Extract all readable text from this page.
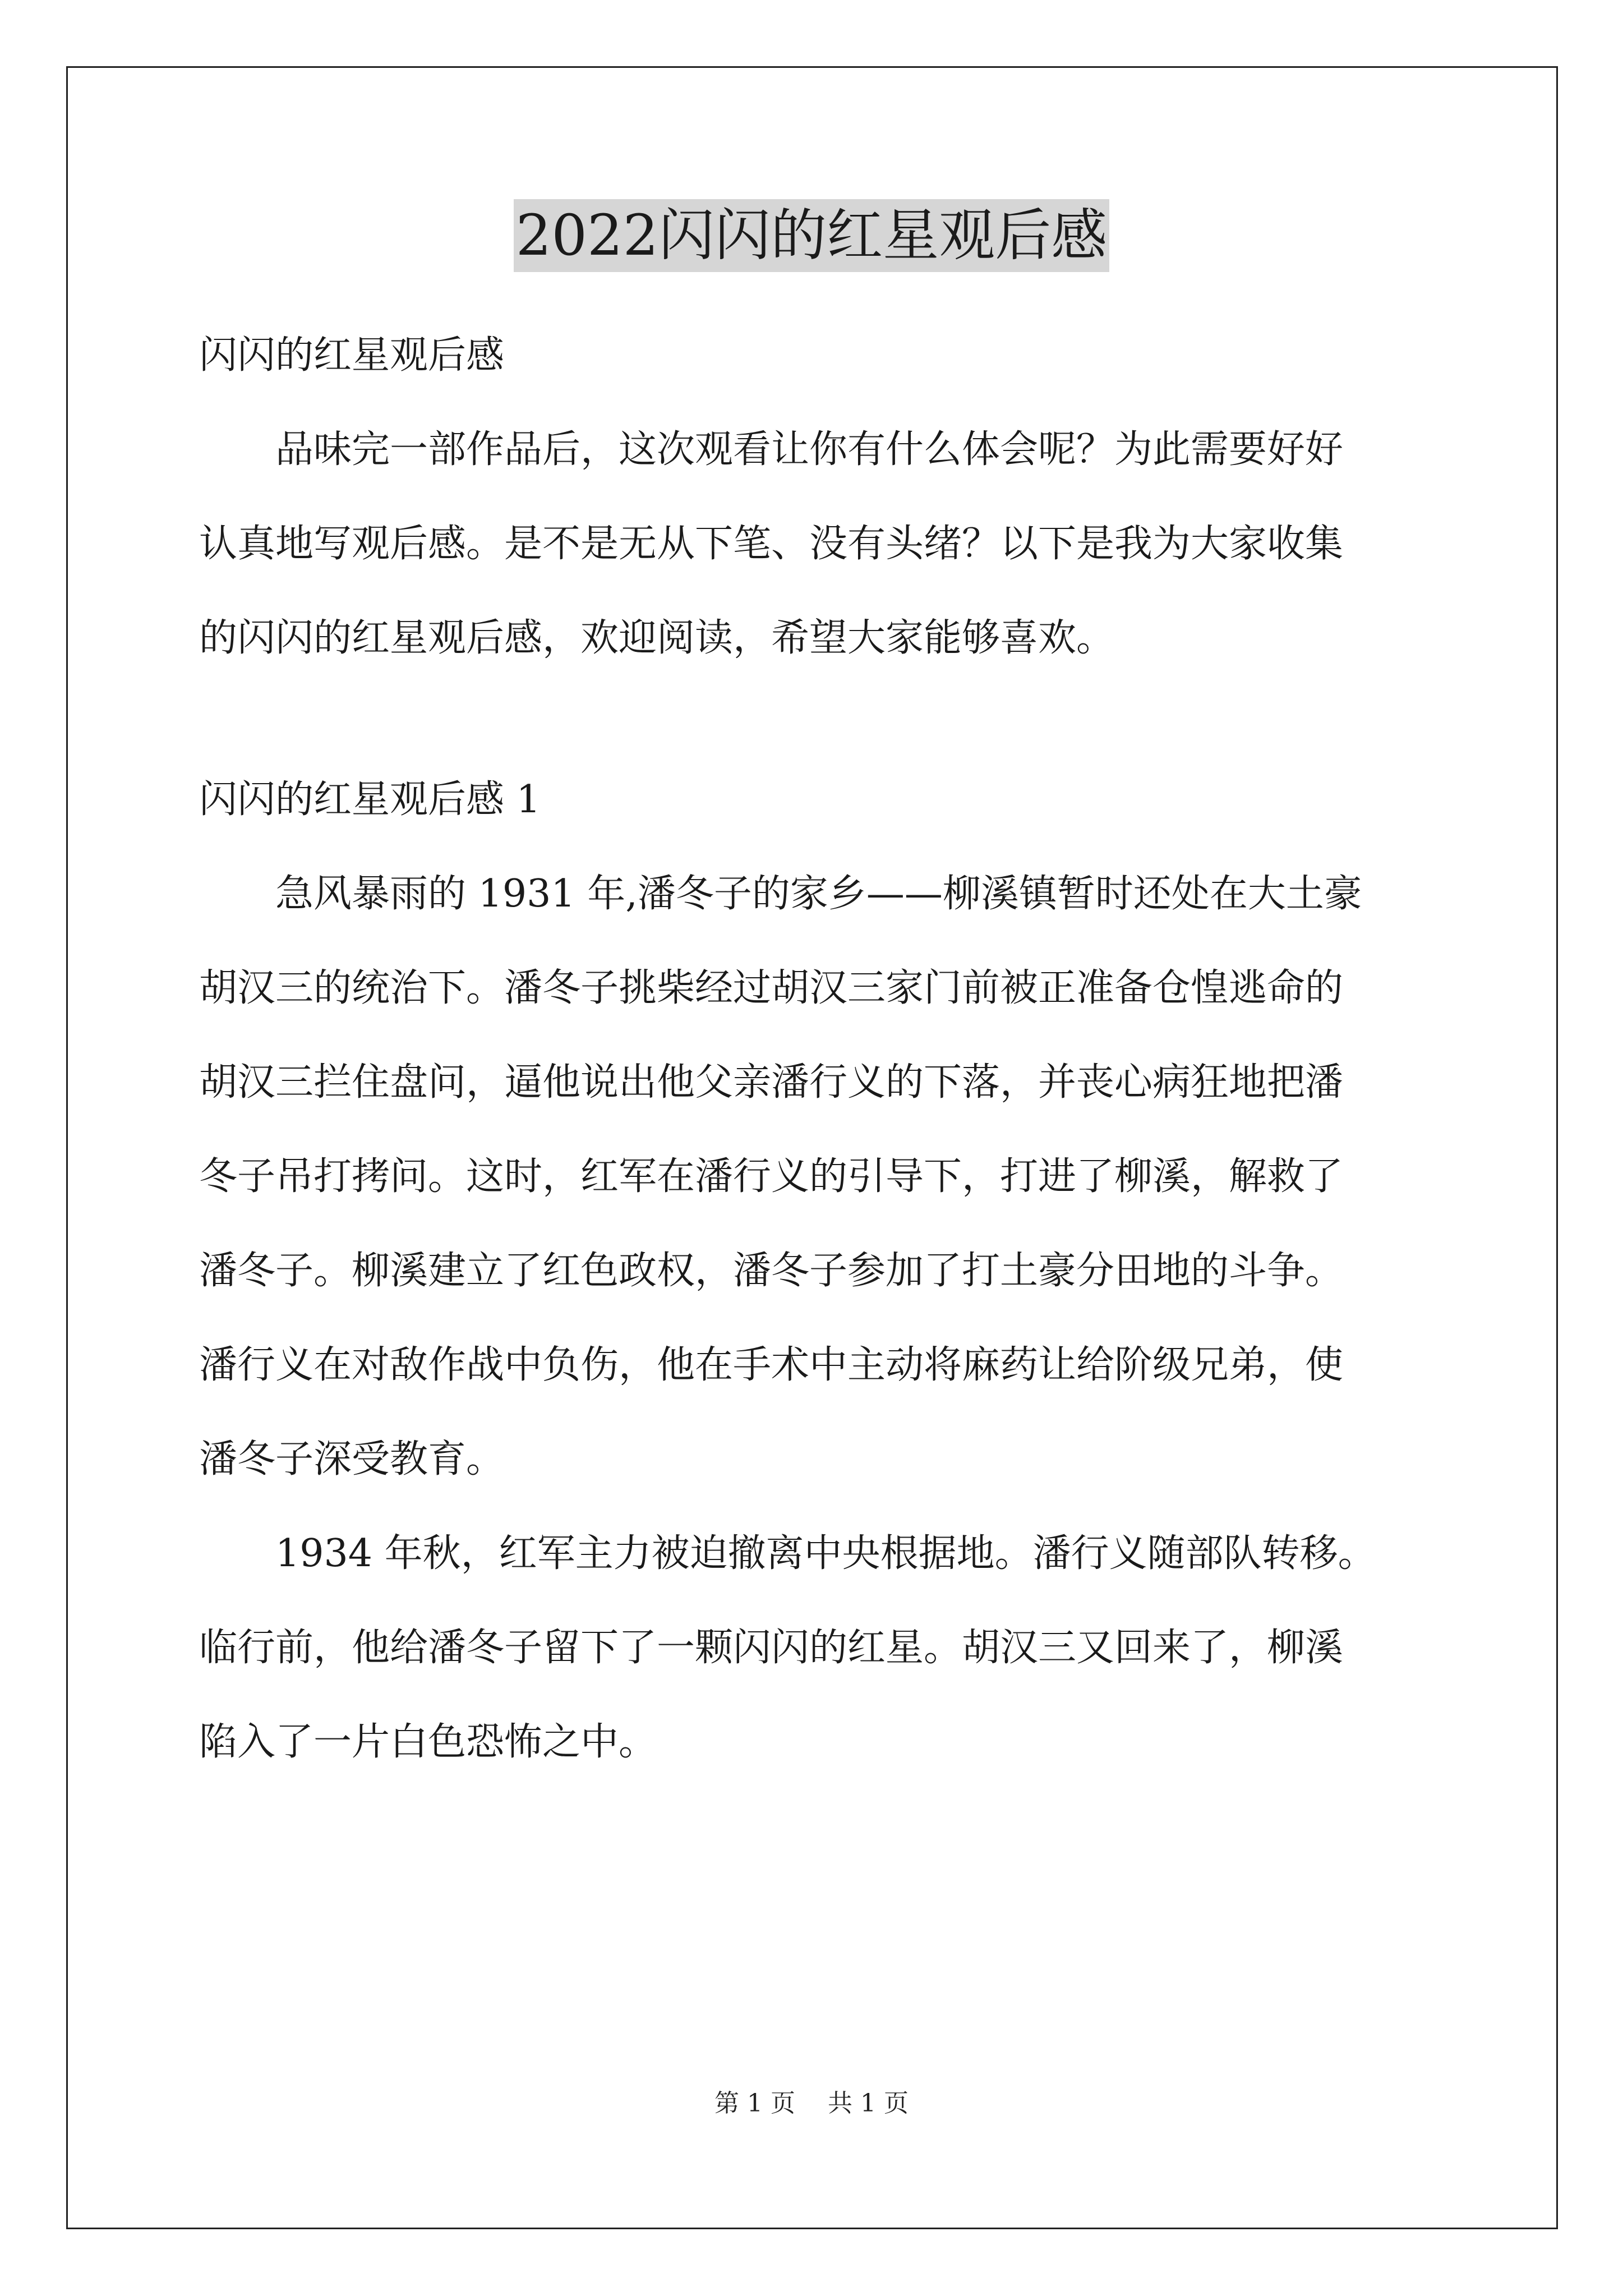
2022闪闪的红星观后感
闪闪的红星观后感
　　品味完一部作品后，这次观看让你有什么体会呢？为此需要好好
认真地写观后感。是不是无从下笔、没有头绪？以下是我为大家收集
的闪闪的红星观后感，欢迎阅读，希望大家能够喜欢。
闪闪的红星观后感 1
　　急风暴雨的 1931 年,潘冬子的家乡——柳溪镇暂时还处在大土豪
胡汉三的统治下。潘冬子挑柴经过胡汉三家门前被正准备仓惶逃命的
胡汉三拦住盘问，逼他说出他父亲潘行义的下落，并丧心病狂地把潘
冬子吊打拷问。这时，红军在潘行义的引导下，打进了柳溪，解救了
潘冬子。柳溪建立了红色政权，潘冬子参加了打土豪分田地的斗争。
潘行义在对敌作战中负伤，他在手术中主动将麻药让给阶级兄弟，使
潘冬子深受教育。
　　1934 年秋，红军主力被迫撤离中央根据地。潘行义随部队转移。
临行前，他给潘冬子留下了一颗闪闪的红星。胡汉三又回来了，柳溪
陷入了一片白色恐怖之中。
第 1 页 共 1 页
